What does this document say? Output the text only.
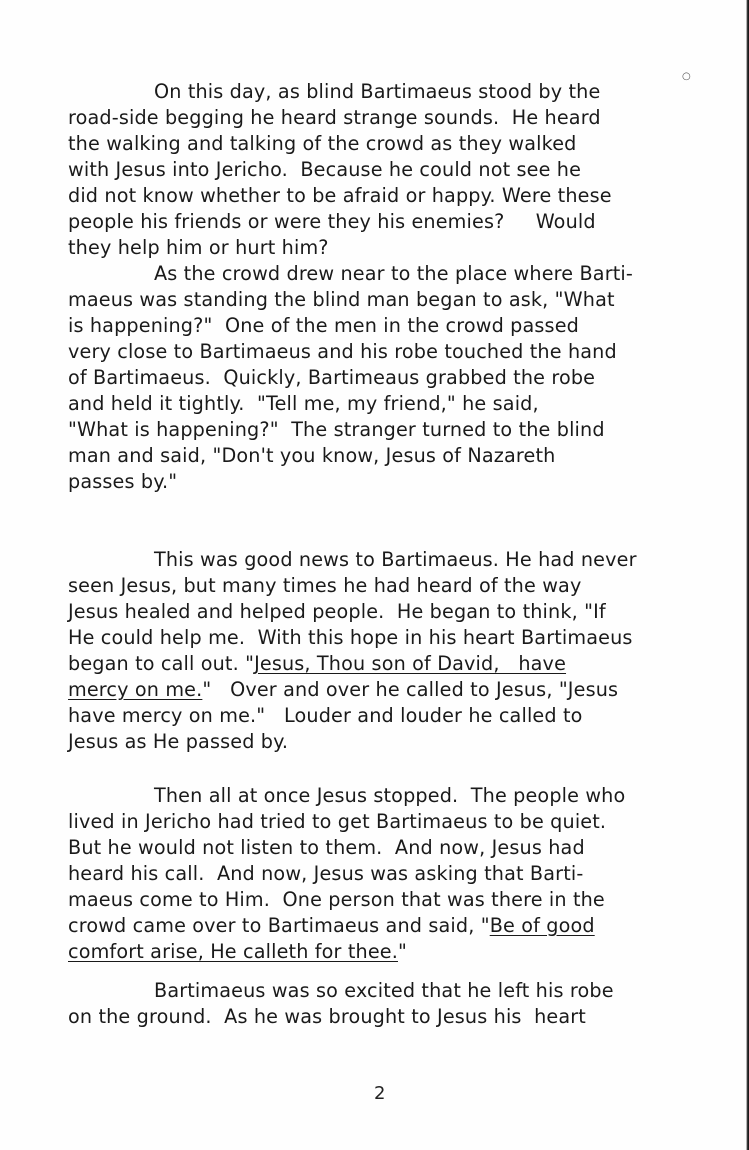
○
On this day, as blind Bartimaeus stood by the
road-side begging he heard strange sounds.  He heard
the walking and talking of the crowd as they walked
with Jesus into Jericho.  Because he could not see he
did not know whether to be afraid or happy. Were these
people his friends or were they his enemies?     Would
they help him or hurt him?
As the crowd drew near to the place where Barti-
maeus was standing the blind man began to ask, "What
is happening?"  One of the men in the crowd passed
very close to Bartimaeus and his robe touched the hand
of Bartimaeus.  Quickly, Bartimeaus grabbed the robe
and held it tightly.  "Tell me, my friend," he said,
"What is happening?"  The stranger turned to the blind
man and said, "Don't you know, Jesus of Nazareth
passes by."
This was good news to Bartimaeus. He had never
seen Jesus, but many times he had heard of the way
Jesus healed and helped people.  He began to think, "If
He could help me.  With this hope in his heart Bartimaeus
began to call out. "Jesus, Thou son of David,   have
mercy on me."   Over and over he called to Jesus, "Jesus
have mercy on me."   Louder and louder he called to
Jesus as He passed by.
Then all at once Jesus stopped.  The people who
lived in Jericho had tried to get Bartimaeus to be quiet.
But he would not listen to them.  And now, Jesus had
heard his call.  And now, Jesus was asking that Barti-
maeus come to Him.  One person that was there in the
crowd came over to Bartimaeus and said, "Be of good
comfort arise, He calleth for thee."
Bartimaeus was so excited that he left his robe
on the ground.  As he was brought to Jesus his  heart
2
